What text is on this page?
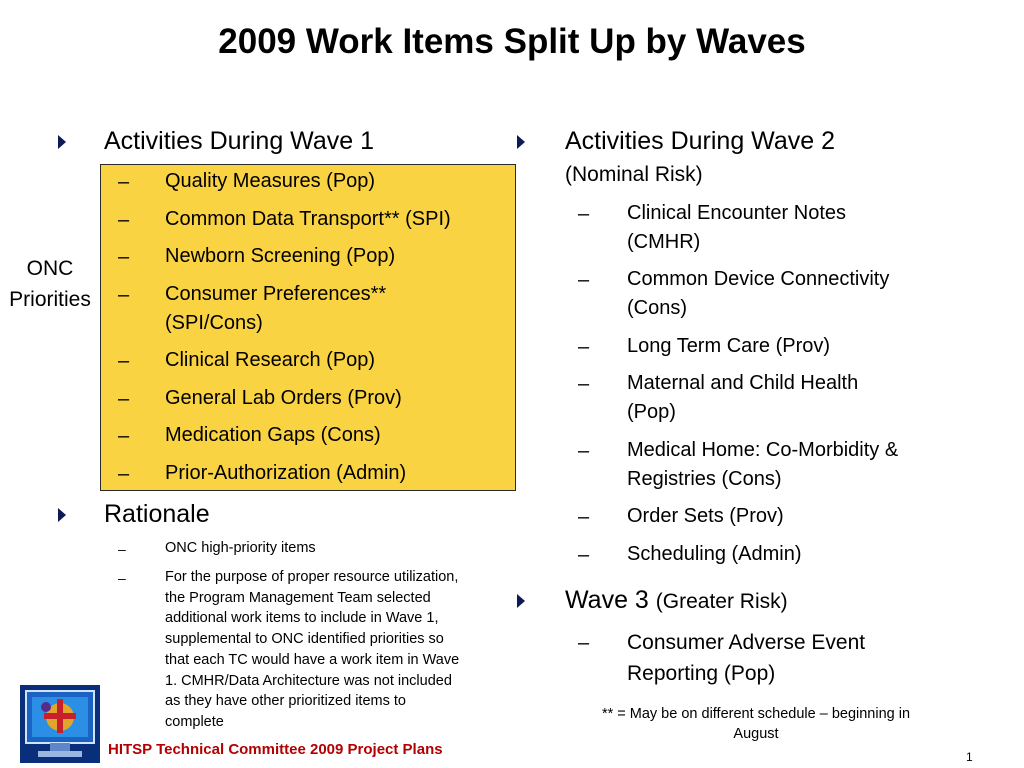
2009 Work Items Split Up by Waves
ONC
Priorities
Activities During Wave 1
– Quality Measures (Pop)
– Common Data Transport** (SPI)
– Newborn Screening (Pop)
– Consumer Preferences**
(SPI/Cons)
– Clinical Research (Pop)
– General Lab Orders (Prov)
– Medication Gaps (Cons)
– Prior-Authorization (Admin)
Rationale
–	ONC high-priority items
–	For the purpose of proper resource utilization,
the Program Management Team selected
additional work items to include in Wave 1,
supplemental to ONC identified priorities so
that each TC would have a work item in Wave
1. CMHR/Data Architecture was not included
as they have other prioritized items to
complete
Activities During Wave 2
(Nominal Risk)
– Clinical Encounter Notes
(CMHR)
– Common Device Connectivity
(Cons)
– Long Term Care (Prov)
– Maternal and Child Health
(Pop)
– Medical Home: Co-Morbidity &
Registries (Cons)
– Order Sets (Prov)
– Scheduling (Admin)
Wave 3 (Greater Risk)
– Consumer Adverse Event
Reporting (Pop)
** = May be on different schedule – beginning in
August
HITSP Technical Committee 2009 Project Plans	1
